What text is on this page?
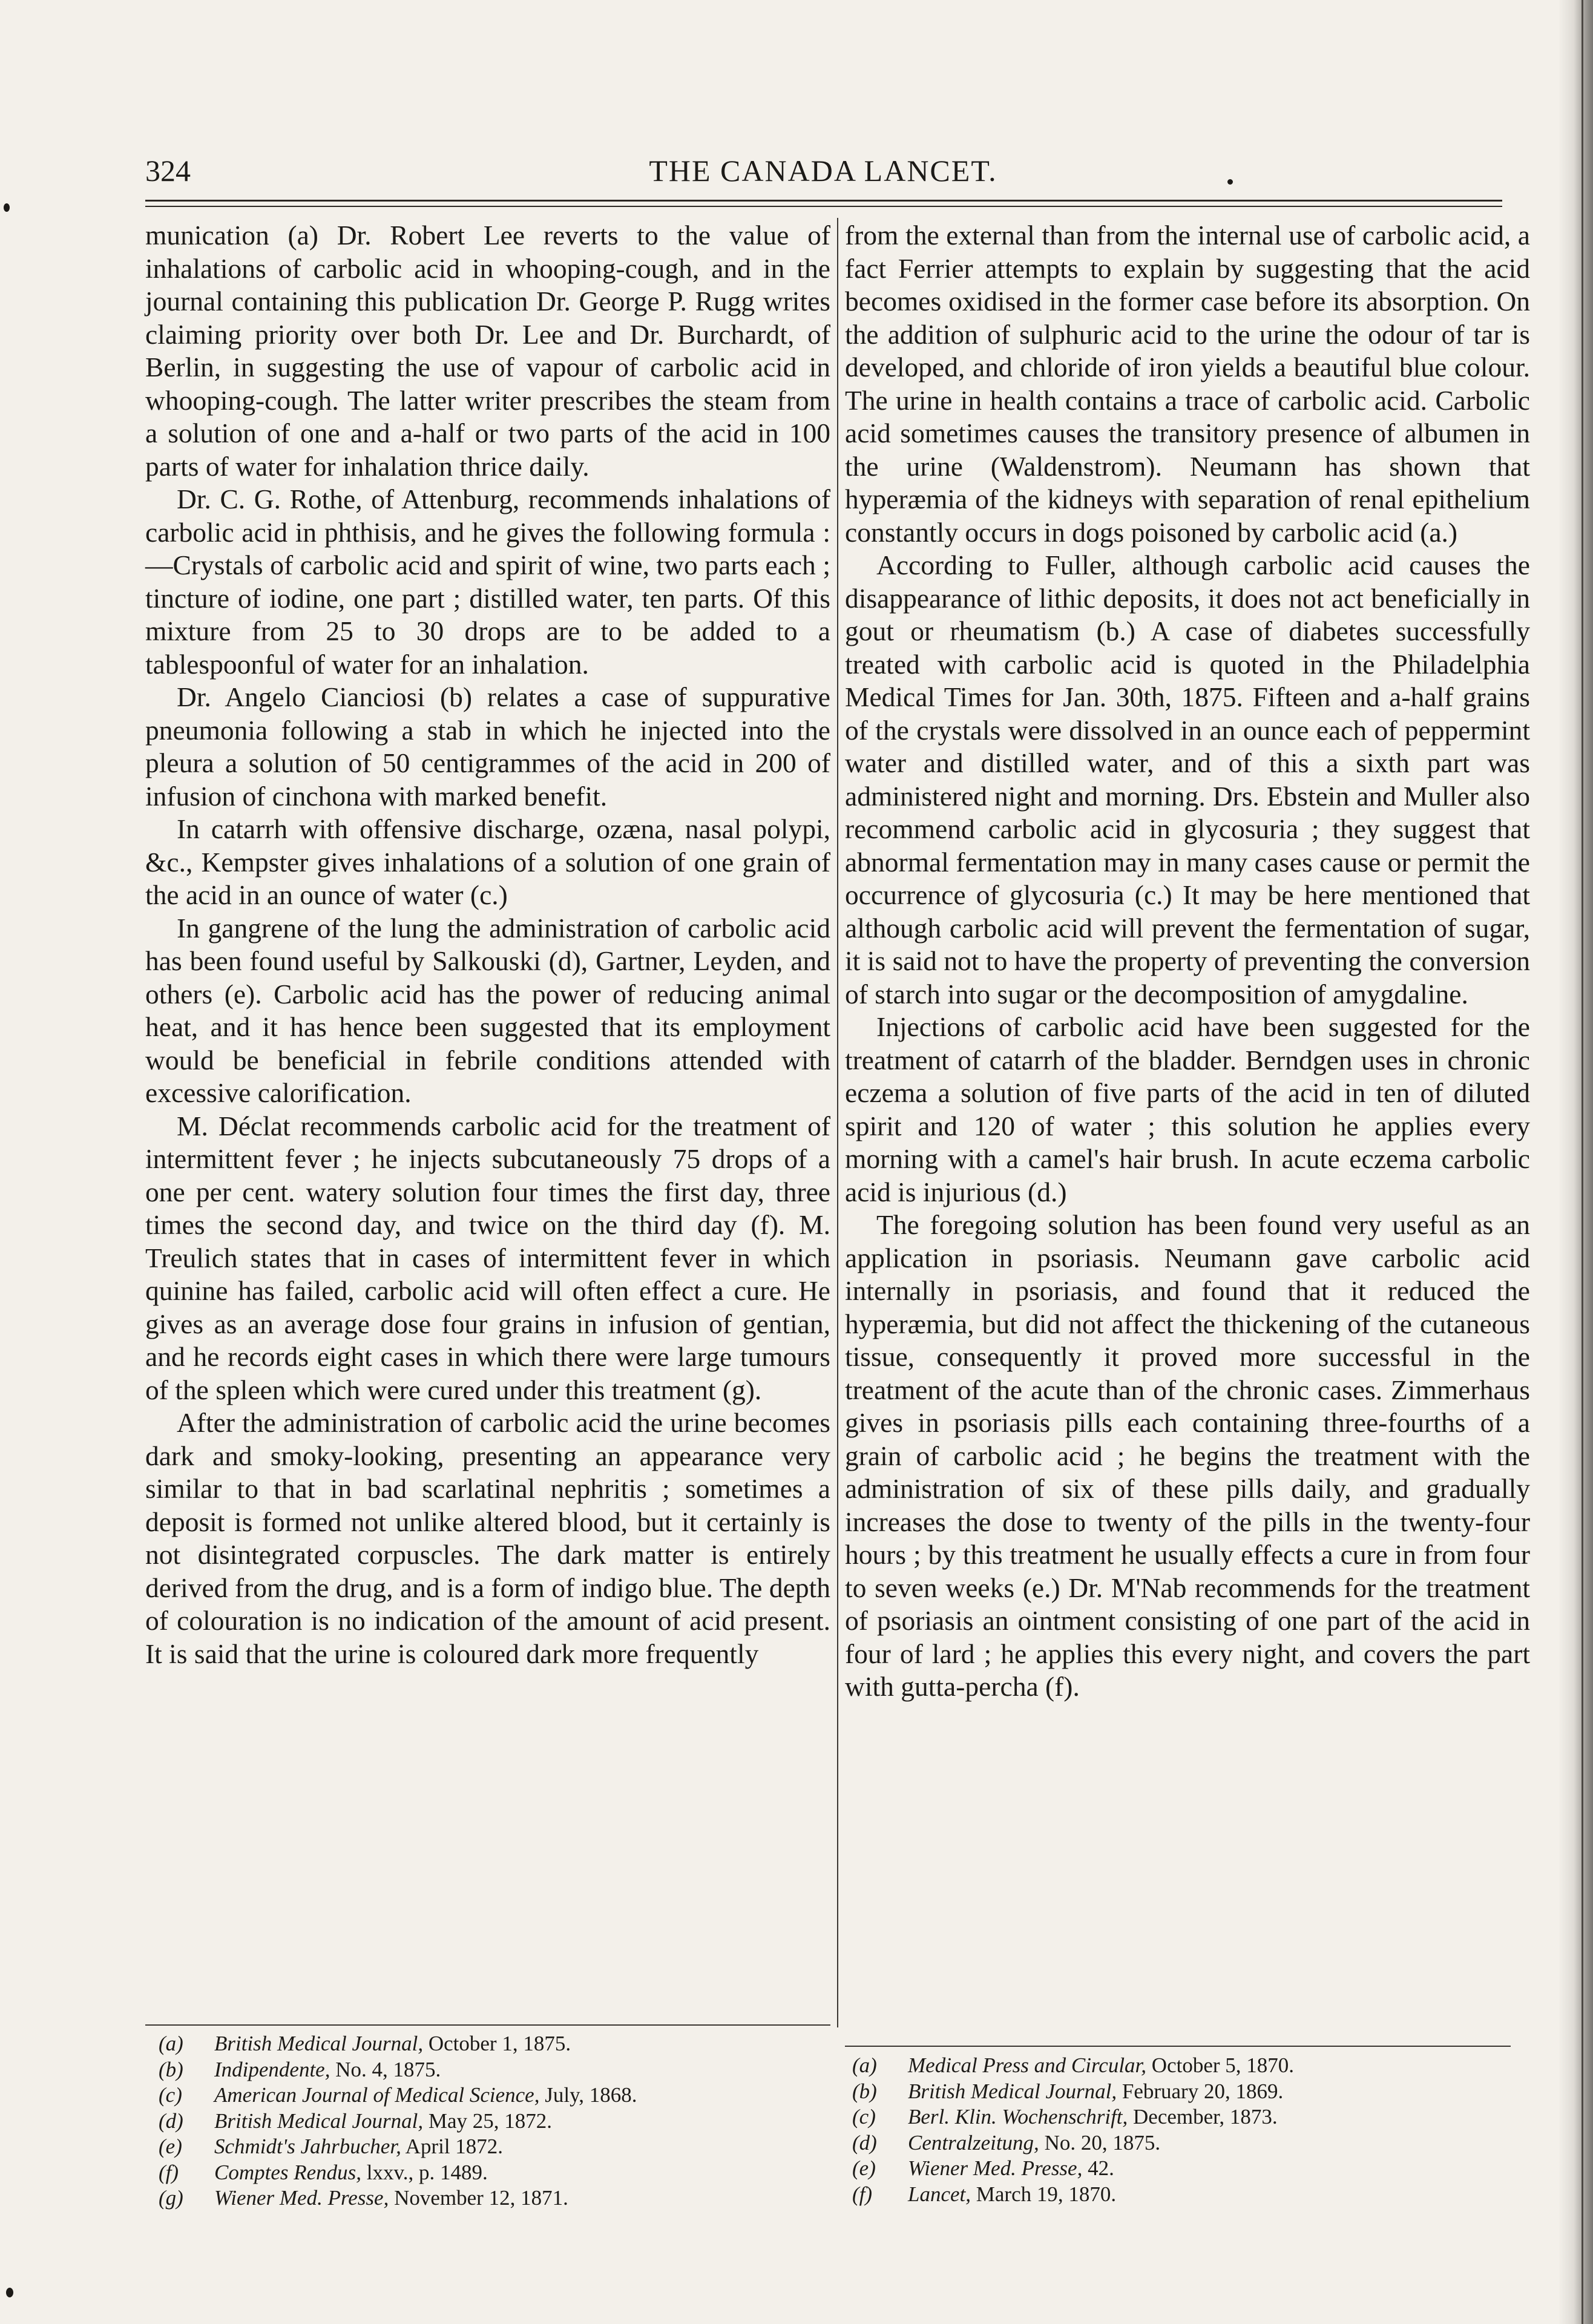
324	THE CANADA LANCET.

munication (a) Dr. Robert Lee reverts to the value of inhalations of carbolic acid in whooping-cough, and in the journal containing this publication Dr. George P. Rugg writes claiming priority over both Dr. Lee and Dr. Burchardt, of Berlin, in suggesting the use of vapour of carbolic acid in whooping-cough. The latter writer prescribes the steam from a solution of one and a-half or two parts of the acid in 100 parts of water for inhalation thrice daily.

Dr. C. G. Rothe, of Attenburg, recommends inhalations of carbolic acid in phthisis, and he gives the following formula :—Crystals of carbolic acid and spirit of wine, two parts each ; tincture of iodine, one part ; distilled water, ten parts. Of this mixture from 25 to 30 drops are to be added to a tablespoonful of water for an inhalation.

Dr. Angelo Cianciosi (b) relates a case of suppurative pneumonia following a stab in which he injected into the pleura a solution of 50 centigrammes of the acid in 200 of infusion of cinchona with marked benefit.

In catarrh with offensive discharge, ozæna, nasal polypi, &c., Kempster gives inhalations of a solution of one grain of the acid in an ounce of water (c.)

In gangrene of the lung the administration of carbolic acid has been found useful by Salkouski (d), Gartner, Leyden, and others (e). Carbolic acid has the power of reducing animal heat, and it has hence been suggested that its employment would be beneficial in febrile conditions attended with excessive calorification.

M. Déclat recommends carbolic acid for the treatment of intermittent fever ; he injects subcutaneously 75 drops of a one per cent. watery solution four times the first day, three times the second day, and twice on the third day (f). M. Treulich states that in cases of intermittent fever in which quinine has failed, carbolic acid will often effect a cure. He gives as an average dose four grains in infusion of gentian, and he records eight cases in which there were large tumours of the spleen which were cured under this treatment (g).

After the administration of carbolic acid the urine becomes dark and smoky-looking, presenting an appearance very similar to that in bad scarlatinal nephritis ; sometimes a deposit is formed not unlike altered blood, but it certainly is not disintegrated corpuscles. The dark matter is entirely derived from the drug, and is a form of indigo blue. The depth of colouration is no indication of the amount of acid present. It is said that the urine is coloured dark more frequently

from the external than from the internal use of carbolic acid, a fact Ferrier attempts to explain by suggesting that the acid becomes oxidised in the former case before its absorption. On the addition of sulphuric acid to the urine the odour of tar is developed, and chloride of iron yields a beautiful blue colour. The urine in health contains a trace of carbolic acid. Carbolic acid sometimes causes the transitory presence of albumen in the urine (Waldenstrom). Neumann has shown that hyperæmia of the kidneys with separation of renal epithelium constantly occurs in dogs poisoned by carbolic acid (a.)

According to Fuller, although carbolic acid causes the disappearance of lithic deposits, it does not act beneficially in gout or rheumatism (b.) A case of diabetes successfully treated with carbolic acid is quoted in the Philadelphia Medical Times for Jan. 30th, 1875. Fifteen and a-half grains of the crystals were dissolved in an ounce each of peppermint water and distilled water, and of this a sixth part was administered night and morning. Drs. Ebstein and Muller also recommend carbolic acid in glycosuria ; they suggest that abnormal fermentation may in many cases cause or permit the occurrence of glycosuria (c.) It may be here mentioned that although carbolic acid will prevent the fermentation of sugar, it is said not to have the property of preventing the conversion of starch into sugar or the decomposition of amygdaline.

Injections of carbolic acid have been suggested for the treatment of catarrh of the bladder. Berndgen uses in chronic eczema a solution of five parts of the acid in ten of diluted spirit and 120 of water ; this solution he applies every morning with a camel's hair brush. In acute eczema carbolic acid is injurious (d.)

The foregoing solution has been found very useful as an application in psoriasis. Neumann gave carbolic acid internally in psoriasis, and found that it reduced the hyperæmia, but did not affect the thickening of the cutaneous tissue, consequently it proved more successful in the treatment of the acute than of the chronic cases. Zimmerhaus gives in psoriasis pills each containing three-fourths of a grain of carbolic acid ; he begins the treatment with the administration of six of these pills daily, and gradually increases the dose to twenty of the pills in the twenty-four hours ; by this treatment he usually effects a cure in from four to seven weeks (e.) Dr. M'Nab recommends for the treatment of psoriasis an ointment consisting of one part of the acid in four of lard ; he applies this every night, and covers the part with gutta-percha (f).

(a) British Medical Journal, October 1, 1875.
(b) Indipendente, No. 4, 1875.
(c) American Journal of Medical Science, July, 1868.
(d) British Medical Journal, May 25, 1872.
(e) Schmidt's Jahrbucher, April 1872.
(f) Comptes Rendus, lxxv., p. 1489.
(g) Wiener Med. Presse, November 12, 1871.
(a) Medical Press and Circular, October 5, 1870.
(b) British Medical Journal, February 20, 1869.
(c) Berl. Klin. Wochenschrift, December, 1873.
(d) Centralzeitung, No. 20, 1875.
(e) Wiener Med. Presse, 42.
(f) Lancet, March 19, 1870.
